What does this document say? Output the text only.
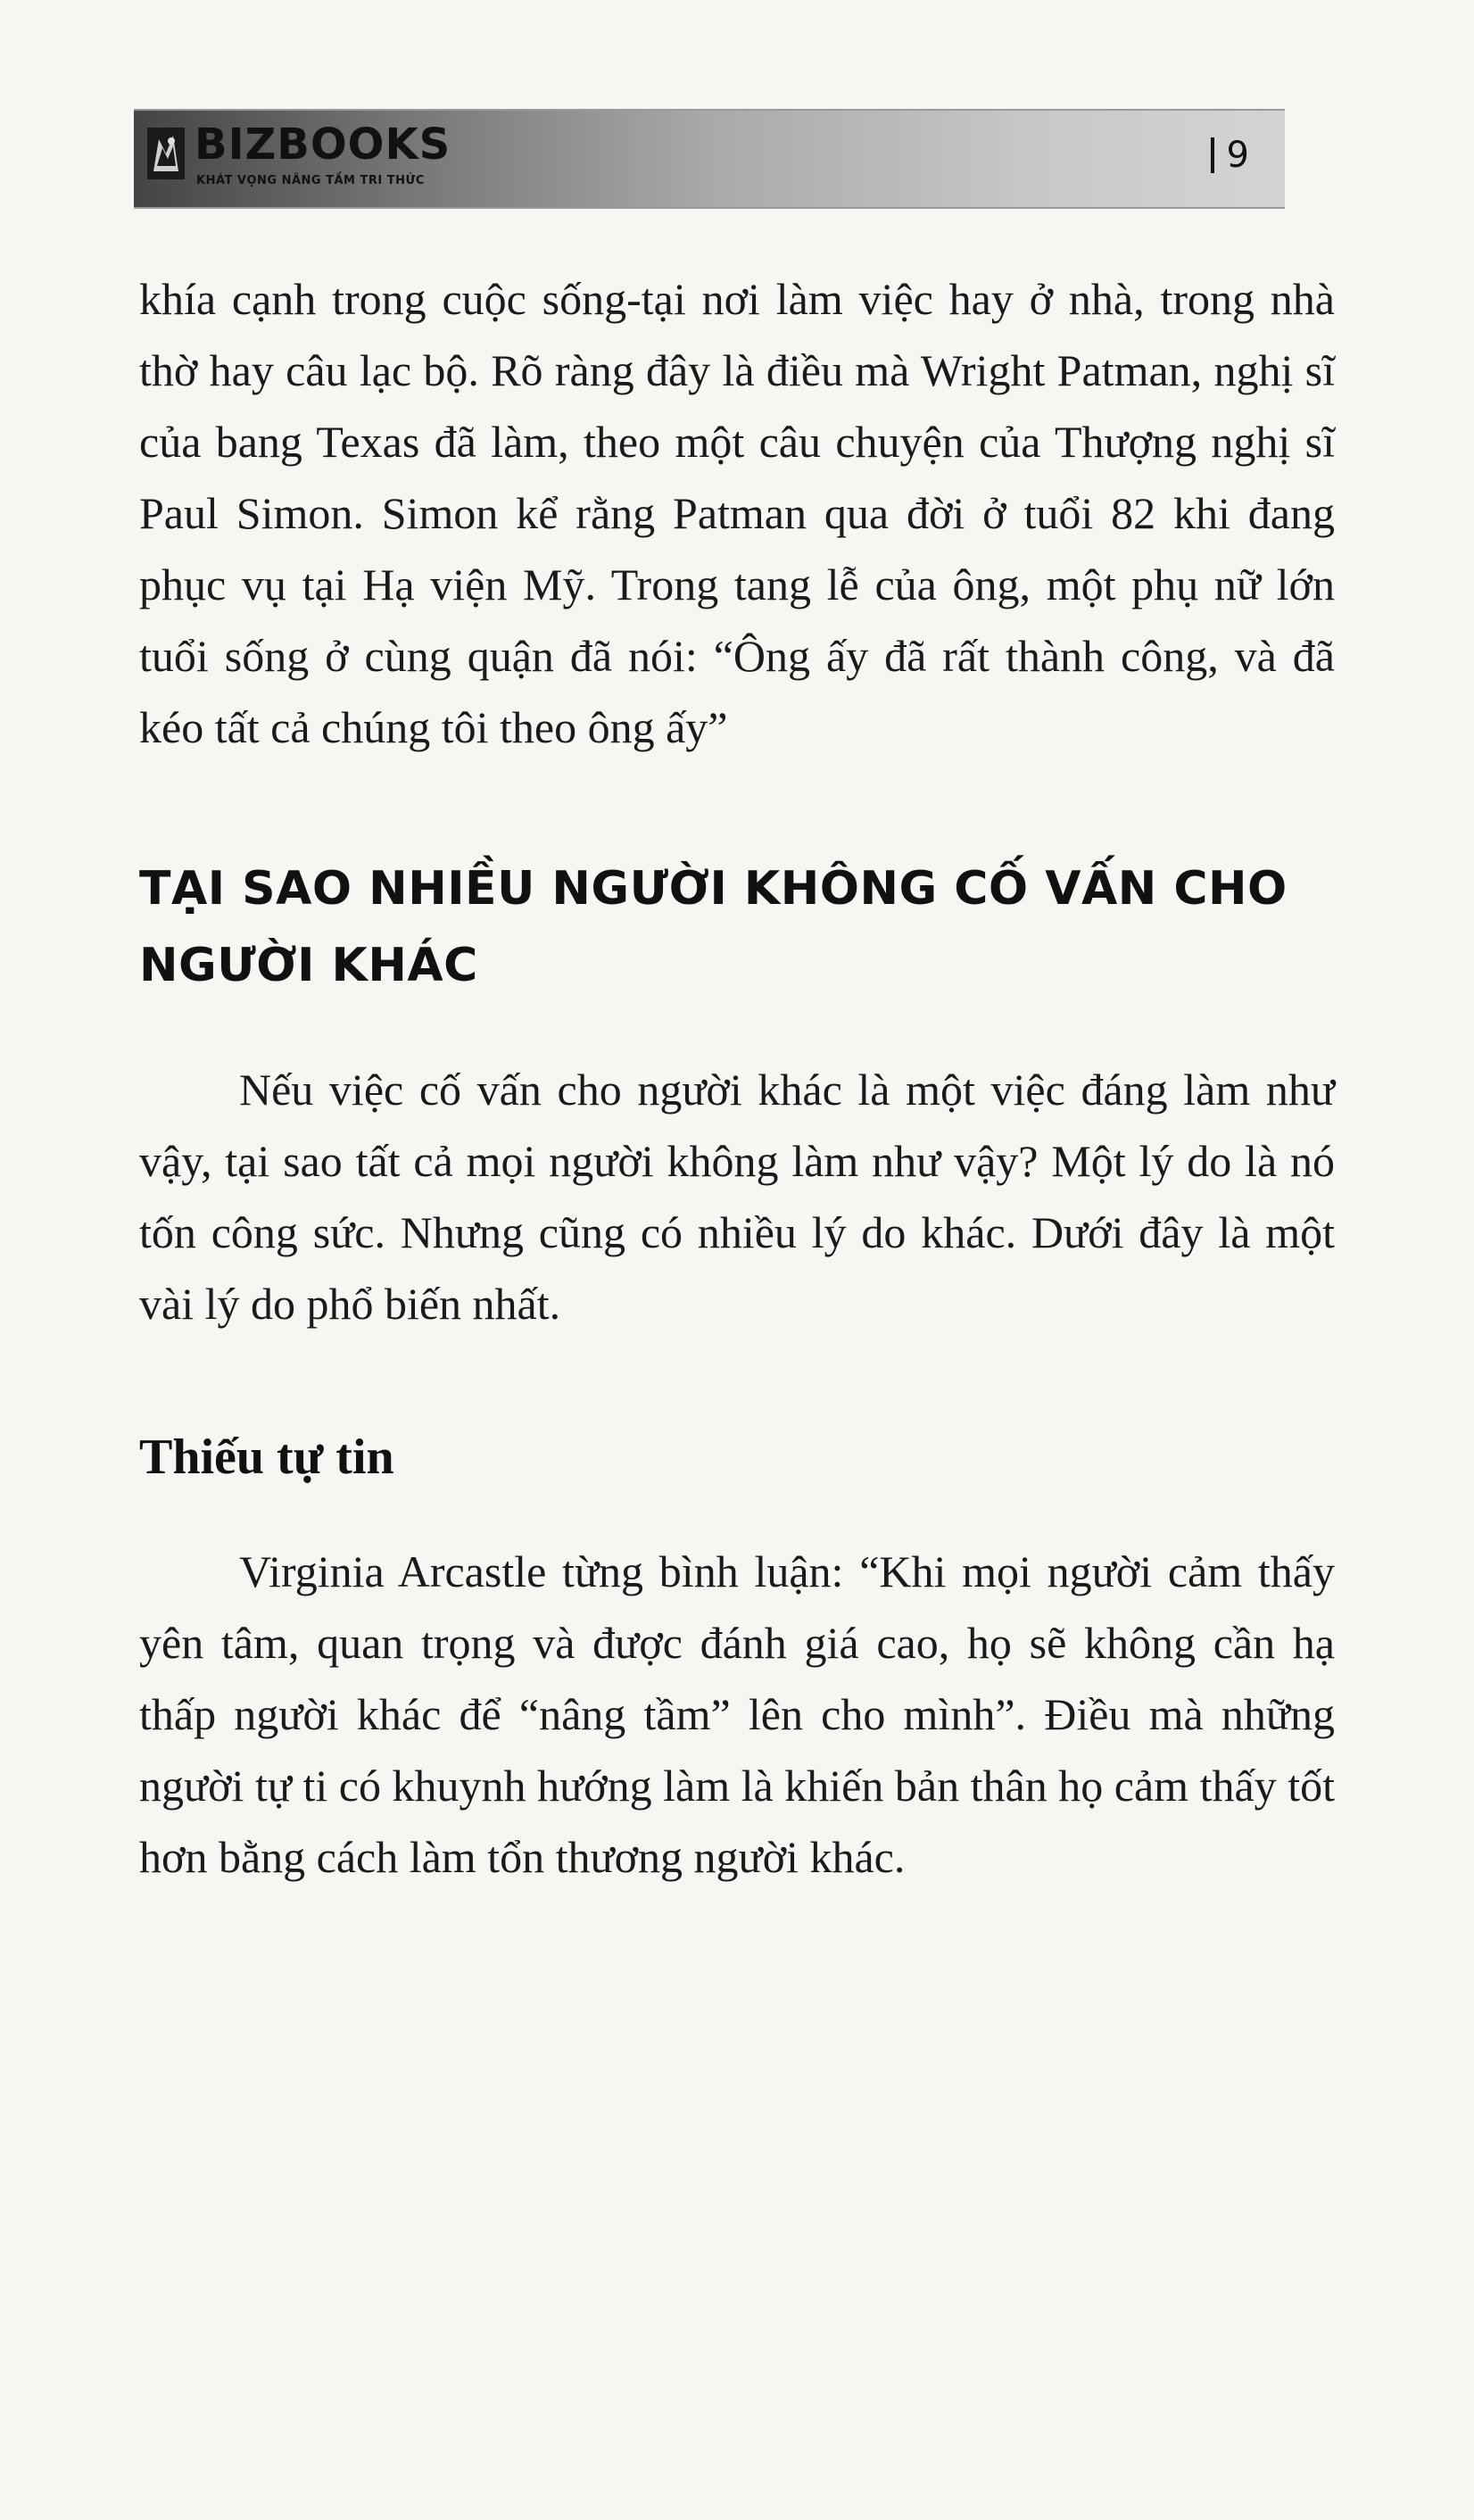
BIZBOOKS
KHÁT VỌNG NÂNG TẦM TRI THỨC
9

khía cạnh trong cuộc sống-tại nơi làm việc hay ở nhà, trong nhà thờ hay câu lạc bộ. Rõ ràng đây là điều mà Wright Patman, nghị sĩ của bang Texas đã làm, theo một câu chuyện của Thượng nghị sĩ Paul Simon. Simon kể rằng Patman qua đời ở tuổi 82 khi đang phục vụ tại Hạ viện Mỹ. Trong tang lễ của ông, một phụ nữ lớn tuổi sống ở cùng quận đã nói: “Ông ấy đã rất thành công, và đã kéo tất cả chúng tôi theo ông ấy”

TẠI SAO NHIỀU NGƯỜI KHÔNG CỐ VẤN CHO NGƯỜI KHÁC

Nếu việc cố vấn cho người khác là một việc đáng làm như vậy, tại sao tất cả mọi người không làm như vậy? Một lý do là nó tốn công sức. Nhưng cũng có nhiều lý do khác. Dưới đây là một vài lý do phổ biến nhất.

Thiếu tự tin

Virginia Arcastle từng bình luận: “Khi mọi người cảm thấy yên tâm, quan trọng và được đánh giá cao, họ sẽ không cần hạ thấp người khác để “nâng tầm” lên cho mình”. Điều mà những người tự ti có khuynh hướng làm là khiến bản thân họ cảm thấy tốt hơn bằng cách làm tổn thương người khác.
